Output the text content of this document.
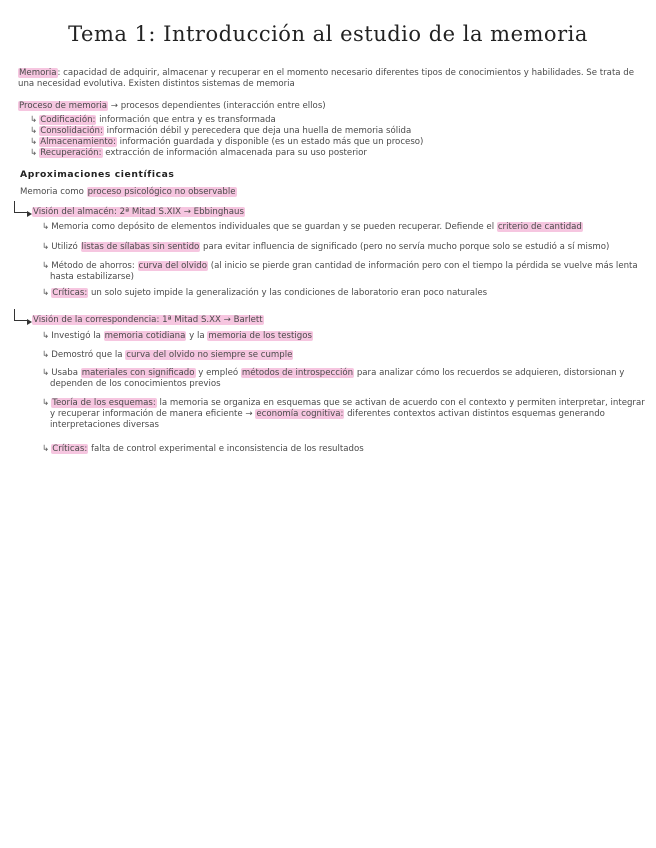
Tema 1: Introducción al estudio de la memoria
Memoria: capacidad de adquirir, almacenar y recuperar en el momento necesario diferentes tipos de conocimientos y habilidades. Se trata de
una necesidad evolutiva. Existen distintos sistemas de memoria
Proceso de memoria → procesos dependientes (interacción entre ellos)
↳ Codificación: información que entra y es transformada
↳ Consolidación: información débil y perecedera que deja una huella de memoria sólida
↳ Almacenamiento: información guardada y disponible (es un estado más que un proceso)
↳ Recuperación: extracción de información almacenada para su uso posterior
Aproximaciones científicas
Memoria como proceso psicológico no observable
Visión del almacén: 2ª Mitad S.XIX → Ebbinghaus
↳ Memoria como depósito de elementos individuales que se guardan y se pueden recuperar. Defiende el criterio de cantidad
↳ Utilizó listas de sílabas sin sentido para evitar influencia de significado (pero no servía mucho porque solo se estudió a sí mismo)
↳ Método de ahorros: curva del olvido (al inicio se pierde gran cantidad de información pero con el tiempo la pérdida se vuelve más lenta
hasta estabilizarse)
↳ Críticas: un solo sujeto impide la generalización y las condiciones de laboratorio eran poco naturales
Visión de la correspondencia: 1ª Mitad S.XX → Barlett
↳ Investigó la memoria cotidiana y la memoria de los testigos
↳ Demostró que la curva del olvido no siempre se cumple
↳ Usaba materiales con significado y empleó métodos de introspección para analizar cómo los recuerdos se adquieren, distorsionan y
dependen de los conocimientos previos
↳ Teoría de los esquemas: la memoria se organiza en esquemas que se activan de acuerdo con el contexto y permiten interpretar, integrar
y recuperar información de manera eficiente → economía cognitiva: diferentes contextos activan distintos esquemas generando
interpretaciones diversas
↳ Críticas: falta de control experimental e inconsistencia de los resultados
